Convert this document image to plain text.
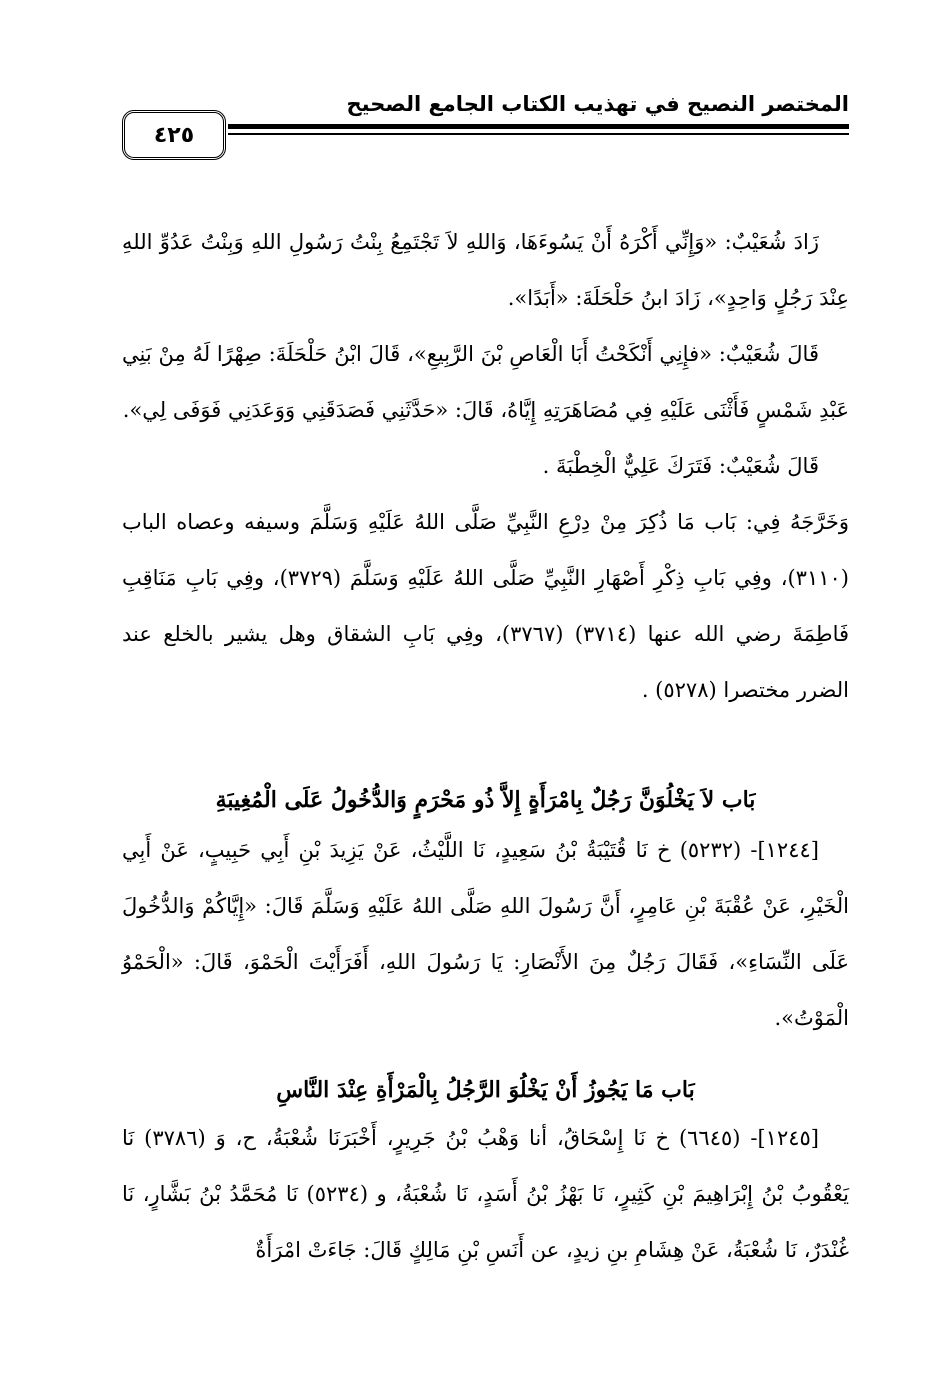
المختصر النصيح في تهذيب الكتاب الجامع الصحيح
٤٢٥

زَادَ شُعَيْبٌ: «وَإِنِّي أَكْرَهُ أَنْ يَسُوءَهَا، وَاللهِ لاَ تَجْتَمِعُ بِنْتُ رَسُولِ اللهِ وَبِنْتُ عَدُوِّ اللهِ عِنْدَ رَجُلٍ وَاحِدٍ»، زَادَ ابنُ حَلْحَلَةَ: «أَبَدًا».

قَالَ شُعَيْبٌ: «فإِنِي أَنْكَحْتُ أَبَا الْعَاصِ بْنَ الرَّبِيعِ»، قَالَ ابْنُ حَلْحَلَةَ: صِهْرًا لَهُ مِنْ بَنِي عَبْدِ شَمْسٍ فَأَثْنَى عَلَيْهِ فِي مُصَاهَرَتِهِ إِيَّاهُ، قَالَ: «حَدَّثَنِي فَصَدَقَنِي وَوَعَدَنِي فَوَفَى لِي».

قَالَ شُعَيْبٌ: فَتَرَكَ عَلِيٌّ الْخِطْبَةَ .

وَخَرَّجَهُ فِي: بَاب مَا ذُكِرَ مِنْ دِرْعِ النَّبِيِّ صَلَّى اللهُ عَلَيْهِ وَسَلَّمَ وسيفه وعصاه الباب (٣١١٠)، وفِي بَابِ ذِكْرِ أَصْهَارِ النَّبِيِّ صَلَّى اللهُ عَلَيْهِ وَسَلَّمَ (٣٧٢٩)، وفِي بَابِ مَنَاقِبِ فَاطِمَةَ رضي الله عنها (٣٧١٤) (٣٧٦٧)، وفِي بَابِ الشقاق وهل يشير بالخلع عند الضرر مختصرا (٥٢٧٨) .

بَاب لاَ يَخْلُوَنَّ رَجُلٌ بِامْرَأَةٍ إِلاَّ ذُو مَحْرَمٍ وَالدُّخُولُ عَلَى الْمُغِيبَةِ

[١٢٤٤]- (٥٢٣٢) خ نَا قُتَيْبَةُ بْنُ سَعِيدٍ، نَا اللَّيْثُ، عَنْ يَزِيدَ بْنِ أَبِي حَبِيبٍ، عَنْ أَبِي الْخَيْرِ، عَنْ عُقْبَةَ بْنِ عَامِرٍ، أَنَّ رَسُولَ اللهِ صَلَّى اللهُ عَلَيْهِ وَسَلَّمَ قَالَ: «إِيَّاكُمْ وَالدُّخُولَ عَلَى النِّسَاءِ»، فَقَالَ رَجُلٌ مِنَ الأَنْصَارِ: يَا رَسُولَ اللهِ، أَفَرَأَيْتَ الْحَمْوَ، قَالَ: «الْحَمْوُ الْمَوْتُ».

بَاب مَا يَجُوزُ أَنْ يَخْلُوَ الرَّجُلُ بِالْمَرْأَةِ عِنْدَ النَّاسِ

[١٢٤٥]- (٦٦٤٥) خ نَا إِسْحَاقُ، أنا وَهْبُ بْنُ جَرِيرٍ، أَخْبَرَنَا شُعْبَةُ، ح، وَ (٣٧٨٦) نَا يَعْقُوبُ بْنُ إِبْرَاهِيمَ بْنِ كَثِيرٍ، نَا بَهْزُ بْنُ أَسَدٍ، نَا شُعْبَةُ، و (٥٢٣٤) نَا مُحَمَّدُ بْنُ بَشَّارٍ، نَا غُنْدَرٌ، نَا شُعْبَةُ، عَنْ هِشَامِ بنِ زيدٍ، عن أَنَسِ بْنِ مَالِكٍ قَالَ: جَاءَتْ امْرَأَةٌ
